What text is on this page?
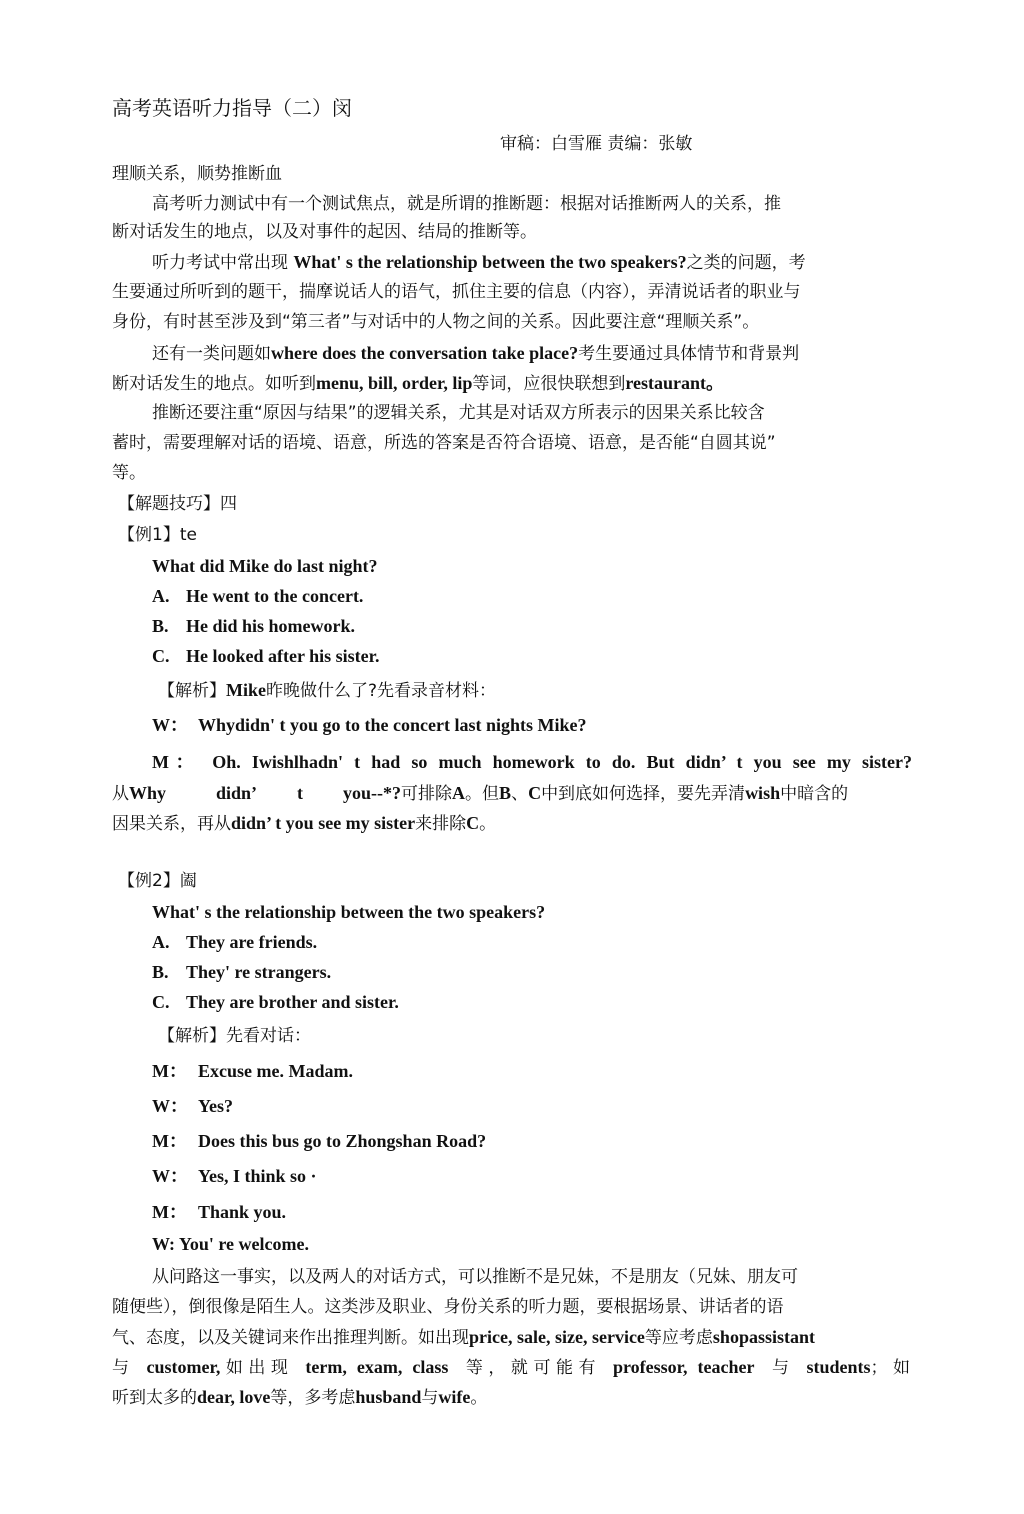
高考英语听力指导（二）闵
审稿：白雪雁 责编：张敏
理顺关系，顺势推断血
高考听力测试中有一个测试焦点，就是所谓的推断题：根据对话推断两人的关系，推
断对话发生的地点，以及对事件的起因、结局的推断等。
听力考试中常出现 What' s the relationship between the two speakers?之类的问题，考
生要通过所听到的题干，揣摩说话人的语气，抓住主要的信息（内容），弄清说话者的职业与
身份，有时甚至涉及到“第三者”与对话中的人物之间的关系。因此要注意“理顺关系”。
还有一类问题如where does the conversation take place?考生要通过具体情节和背景判
断对话发生的地点。如听到menu, bill, order, lip等词，应很快联想到restaurant。
推断还要注重“原因与结果”的逻辑关系，尤其是对话双方所表示的因果关系比较含
蓄时，需要理解对话的语境、语意，所选的答案是否符合语境、语意，是否能“自圆其说”
等。
【解题技巧】四
【例1】te
What did Mike do last night?
A. He went to the concert.
B. He did his homework.
C. He looked after his sister.
【解析】Mike昨晚做什么了?先看录音材料：
W： Whydidn' t you go to the concert last nights Mike?
M： Oh. Iwishlhadn' t had so much homework to do. But didn’ t you see my sister?
从Why	didn’ t you--*?可排除A。但B、C中到底如何选择，要先弄清wish中暗含的
因果关系，再从didn’ t you see my sister来排除C。
【例2】阖
What' s the relationship between the two speakers?
A. They are friends.
B. They' re strangers.
C. They are brother and sister.
【解析】先看对话：
M： Excuse me. Madam.
W： Yes?
M： Does this bus go to Zhongshan Road?
W： Yes, I think so ·
M： Thank you.
W: You' re welcome.
从问路这一事实，以及两人的对话方式，可以推断不是兄妹，不是朋友（兄妹、朋友可
随便些），倒很像是陌生人。这类涉及职业、身份关系的听力题，要根据场景、讲话者的语
气、态度，以及关键词来作出推理判断。如出现price, sale, size, service等应考虑shopassistant
与 customer,如出现 term, exam, class 等，就可能有 professor, teacher 与 students；如
听到太多的dear, love等，多考虑husband与wife。
